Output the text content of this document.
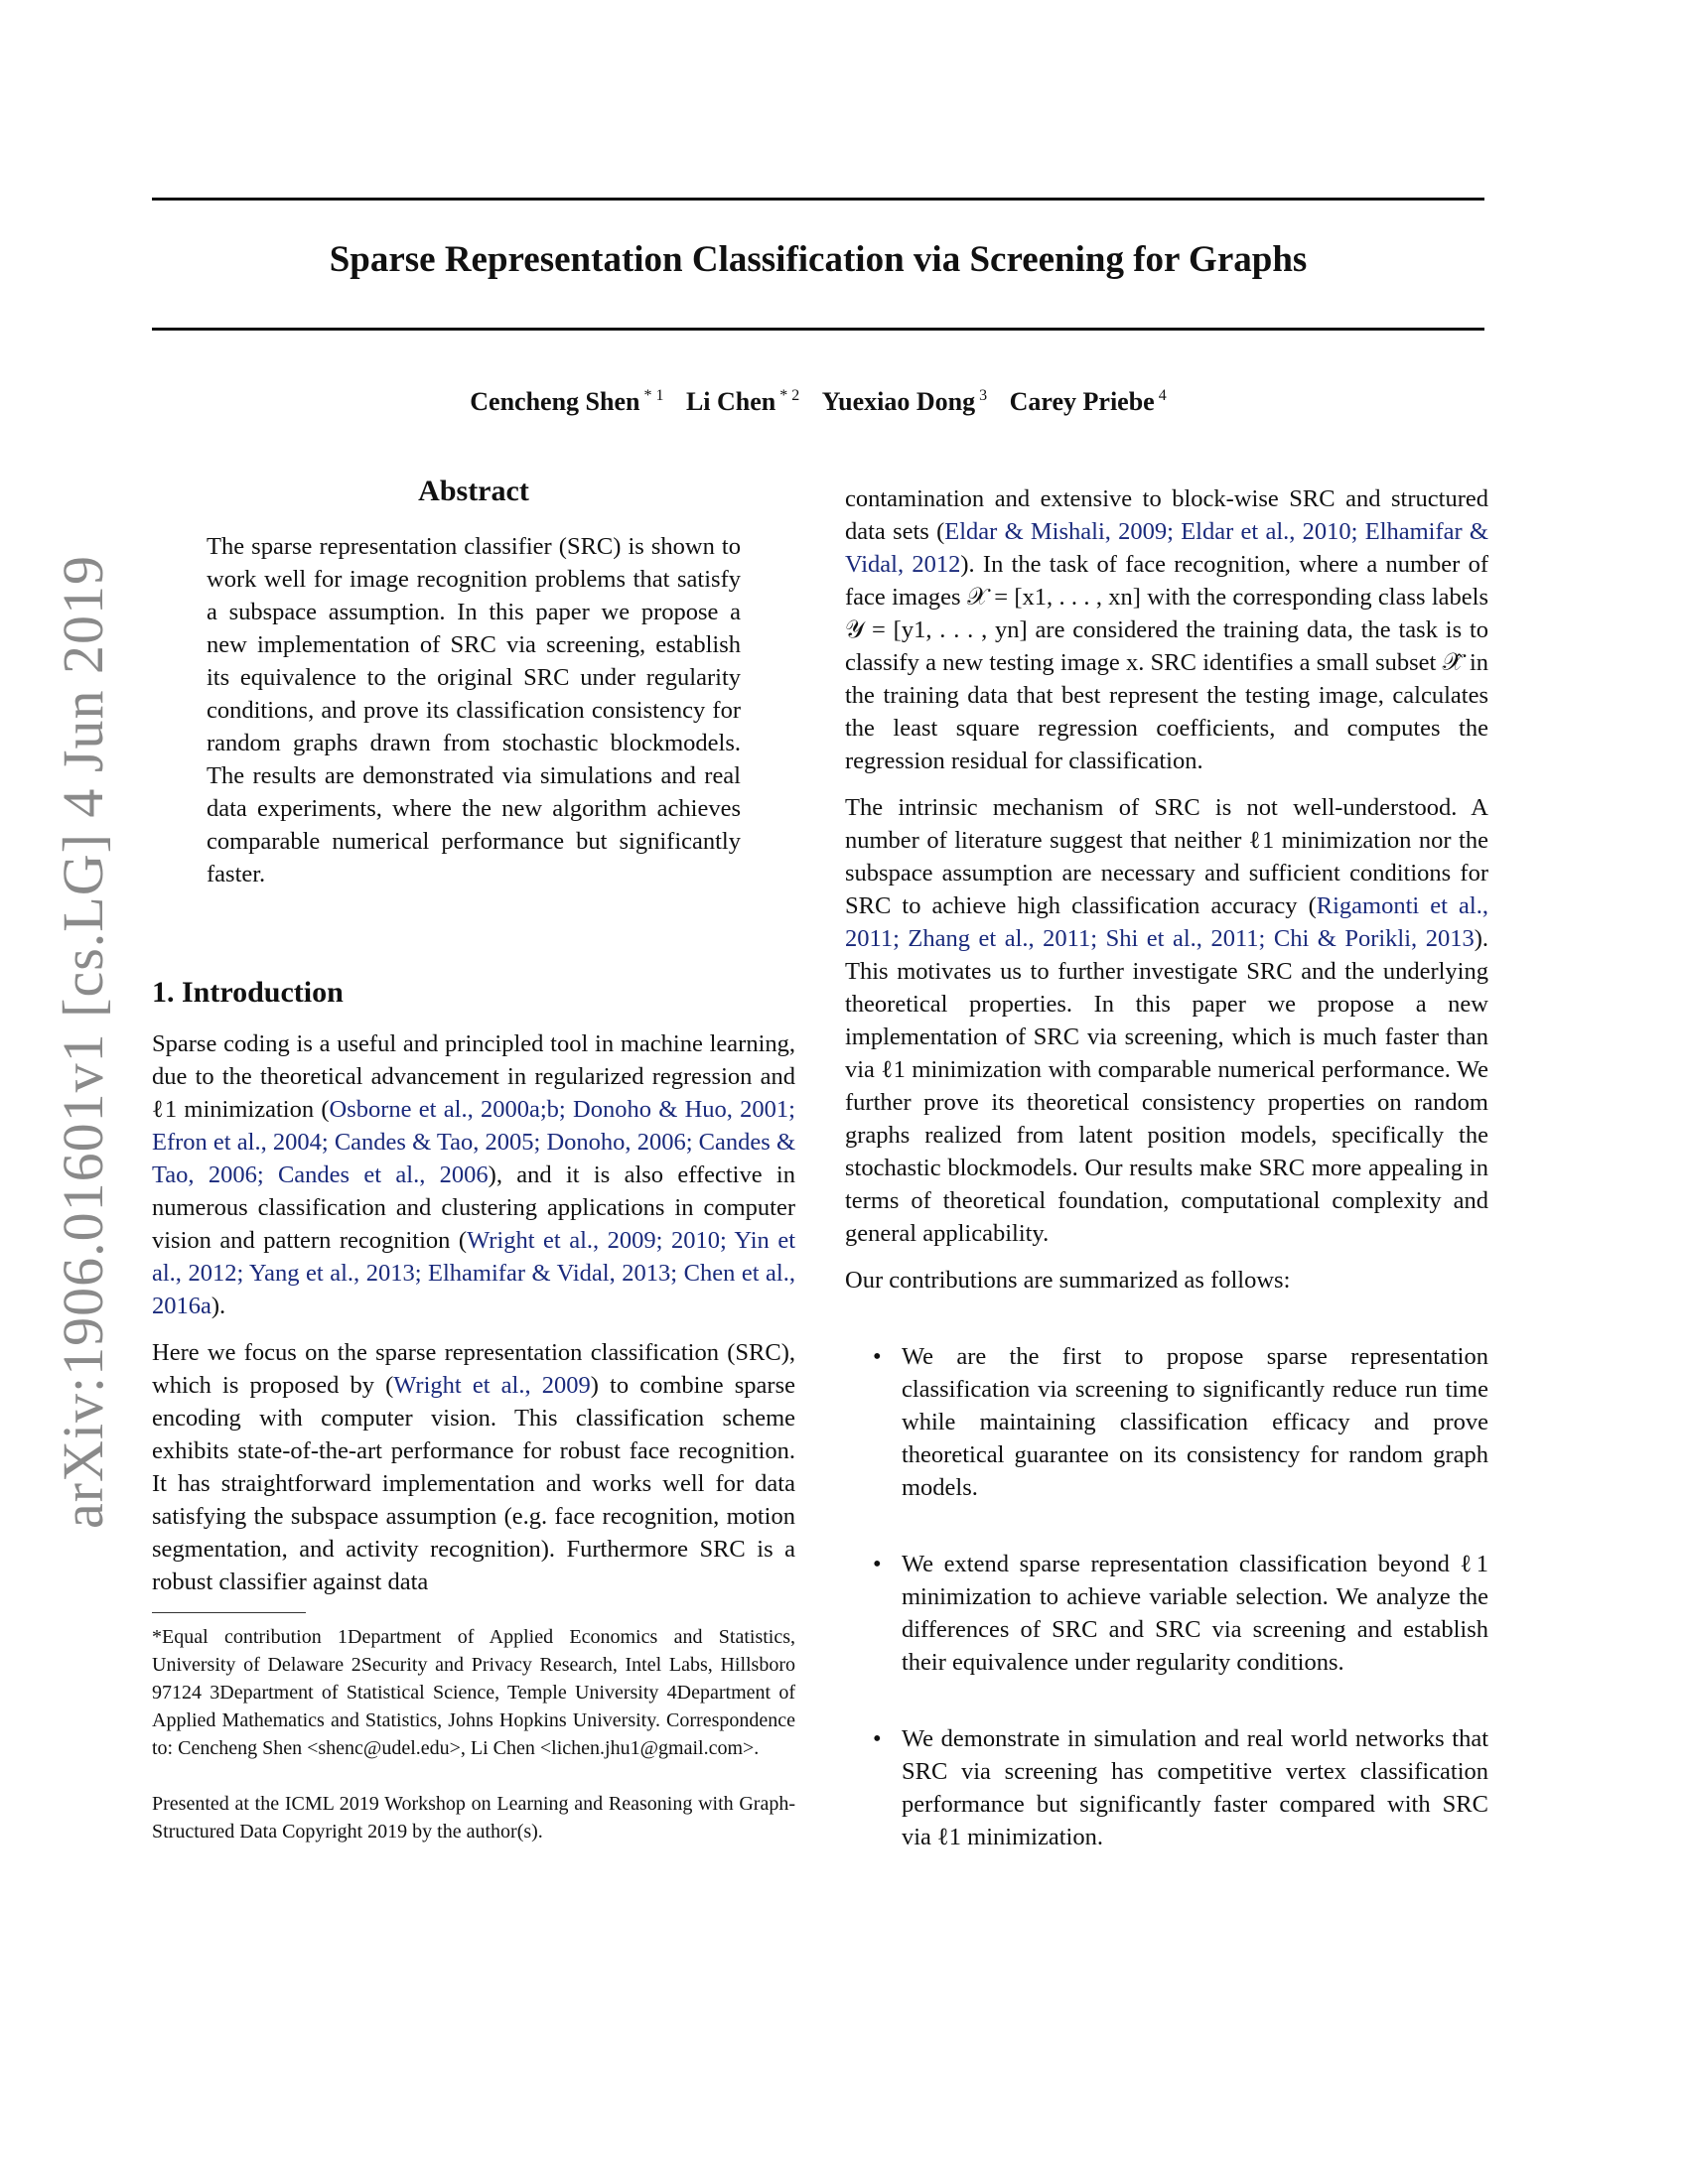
arXiv:1906.01601v1 [cs.LG] 4 Jun 2019
Sparse Representation Classification via Screening for Graphs
Cencheng Shen $^{* 1}$ Li Chen $^{* 2}$ Yuexiao Dong $^3$ Carey Priebe $^4$
Abstract

The sparse representation classifier (SRC) is shown to work well for image recognition problems that satisfy a subspace assumption. In this paper we propose a new implementation of SRC via screening, establish its equivalence to the original SRC under regularity conditions, and prove its classification consistency for random graphs drawn from stochastic blockmodels. The results are demonstrated via simulations and real data experiments, where the new algorithm achieves comparable numerical performance but significantly faster.

1. Introduction

Sparse coding is a useful and principled tool in machine learning, due to the theoretical advancement in regularized regression and ℓ1 minimization (Osborne et al., 2000a;b; Donoho & Huo, 2001; Efron et al., 2004; Candes & Tao, 2005; Donoho, 2006; Candes & Tao, 2006; Candes et al., 2006), and it is also effective in numerous classification and clustering applications in computer vision and pattern recognition (Wright et al., 2009; 2010; Yin et al., 2012; Yang et al., 2013; Elhamifar & Vidal, 2013; Chen et al., 2016a).

Here we focus on the sparse representation classification (SRC), which is proposed by (Wright et al., 2009) to combine sparse encoding with computer vision. This classification scheme exhibits state-of-the-art performance for robust face recognition. It has straightforward implementation and works well for data satisfying the subspace assumption (e.g. face recognition, motion segmentation, and activity recognition). Furthermore SRC is a robust classifier against data

*Equal contribution 1Department of Applied Economics and Statistics, University of Delaware 2Security and Privacy Research, Intel Labs, Hillsboro 97124 3Department of Statistical Science, Temple University 4Department of Applied Mathematics and Statistics, Johns Hopkins University. Correspondence to: Cencheng Shen <shenc@udel.edu>, Li Chen <lichen.jhu1@gmail.com>.

Presented at the ICML 2019 Workshop on Learning and Reasoning with Graph-Structured Data Copyright 2019 by the author(s).

contamination and extensive to block-wise SRC and structured data sets (Eldar & Mishali, 2009; Eldar et al., 2010; Elhamifar & Vidal, 2012). In the task of face recognition, where a number of face images 𝒳 = [x1, . . . , xn] with the corresponding class labels 𝒴 = [y1, . . . , yn] are considered the training data, the task is to classify a new testing image x. SRC identifies a small subset 𝒳̂ in the training data that best represent the testing image, calculates the least square regression coefficients, and computes the regression residual for classification.

The intrinsic mechanism of SRC is not well-understood. A number of literature suggest that neither ℓ1 minimization nor the subspace assumption are necessary and sufficient conditions for SRC to achieve high classification accuracy (Rigamonti et al., 2011; Zhang et al., 2011; Shi et al., 2011; Chi & Porikli, 2013). This motivates us to further investigate SRC and the underlying theoretical properties. In this paper we propose a new implementation of SRC via screening, which is much faster than via ℓ1 minimization with comparable numerical performance. We further prove its theoretical consistency properties on random graphs realized from latent position models, specifically the stochastic blockmodels. Our results make SRC more appealing in terms of theoretical foundation, computational complexity and general applicability.

Our contributions are summarized as follows:

• We are the first to propose sparse representation classification via screening to significantly reduce run time while maintaining classification efficacy and prove theoretical guarantee on its consistency for random graph models.
• We extend sparse representation classification beyond ℓ1 minimization to achieve variable selection. We analyze the differences of SRC and SRC via screening and establish their equivalence under regularity conditions.
• We demonstrate in simulation and real world networks that SRC via screening has competitive vertex classification performance but significantly faster compared with SRC via ℓ1 minimization.
